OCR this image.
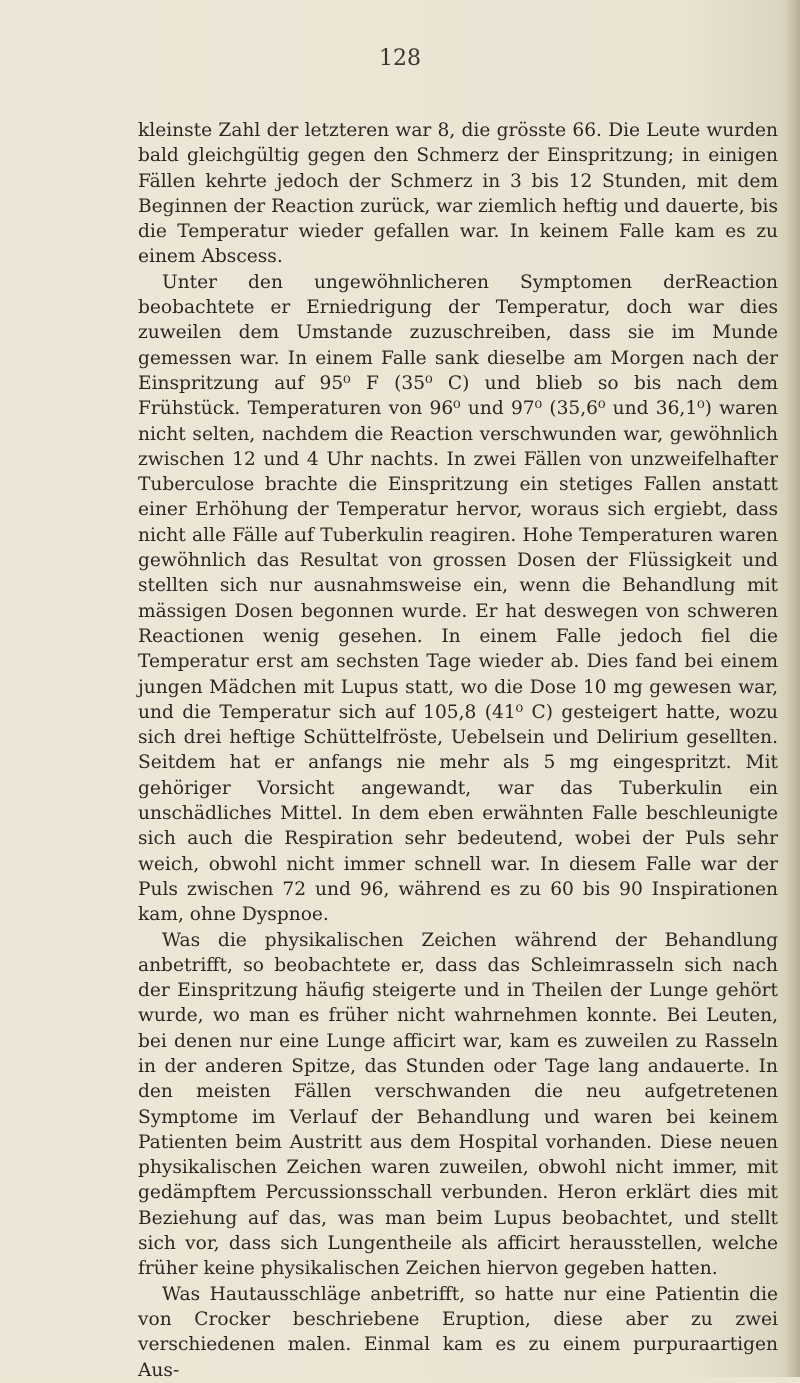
128

kleinste Zahl der letzteren war 8, die grösste 66. Die Leute wurden bald gleichgültig gegen den Schmerz der Einspritzung; in einigen Fällen kehrte jedoch der Schmerz in 3 bis 12 Stunden, mit dem Beginnen der Reaction zurück, war ziemlich heftig und dauerte, bis die Temperatur wieder gefallen war. In keinem Falle kam es zu einem Abscess.

Unter den ungewöhnlicheren Symptomen derReaction beobachtete er Erniedrigung der Temperatur, doch war dies zuweilen dem Umstande zuzuschreiben, dass sie im Munde gemessen war. In einem Falle sank dieselbe am Morgen nach der Einspritzung auf 95⁰ F (35⁰ C) und blieb so bis nach dem Frühstück. Temperaturen von 96⁰ und 97⁰ (35,6⁰ und 36,1⁰) waren nicht selten, nachdem die Reaction verschwunden war, gewöhnlich zwischen 12 und 4 Uhr nachts. In zwei Fällen von unzweifelhafter Tuberculose brachte die Einspritzung ein stetiges Fallen anstatt einer Erhöhung der Temperatur hervor, woraus sich ergiebt, dass nicht alle Fälle auf Tuberkulin reagiren. Hohe Temperaturen waren gewöhnlich das Resultat von grossen Dosen der Flüssigkeit und stellten sich nur ausnahmsweise ein, wenn die Behandlung mit mässigen Dosen begonnen wurde. Er hat deswegen von schweren Reactionen wenig gesehen. In einem Falle jedoch fiel die Temperatur erst am sechsten Tage wieder ab. Dies fand bei einem jungen Mädchen mit Lupus statt, wo die Dose 10 mg gewesen war, und die Temperatur sich auf 105,8 (41⁰ C) gesteigert hatte, wozu sich drei heftige Schüttelfröste, Uebelsein und Delirium gesellten. Seitdem hat er anfangs nie mehr als 5 mg eingespritzt. Mit gehöriger Vorsicht angewandt, war das Tuberkulin ein unschädliches Mittel. In dem eben erwähnten Falle beschleunigte sich auch die Respiration sehr bedeutend, wobei der Puls sehr weich, obwohl nicht immer schnell war. In diesem Falle war der Puls zwischen 72 und 96, während es zu 60 bis 90 Inspirationen kam, ohne Dyspnoe.

Was die physikalischen Zeichen während der Behandlung anbetrifft, so beobachtete er, dass das Schleimrasseln sich nach der Einspritzung häufig steigerte und in Theilen der Lunge gehört wurde, wo man es früher nicht wahrnehmen konnte. Bei Leuten, bei denen nur eine Lunge afficirt war, kam es zuweilen zu Rasseln in der anderen Spitze, das Stunden oder Tage lang andauerte. In den meisten Fällen verschwanden die neu aufgetretenen Symptome im Verlauf der Behandlung und waren bei keinem Patienten beim Austritt aus dem Hospital vorhanden. Diese neuen physikalischen Zeichen waren zuweilen, obwohl nicht immer, mit gedämpftem Percussionsschall verbunden. Heron erklärt dies mit Beziehung auf das, was man beim Lupus beobachtet, und stellt sich vor, dass sich Lungentheile als afficirt herausstellen, welche früher keine physikalischen Zeichen hiervon gegeben hatten.

Was Hautausschläge anbetrifft, so hatte nur eine Patientin die von Crocker beschriebene Eruption, diese aber zu zwei verschiedenen malen. Einmal kam es zu einem purpuraartigen Aus-
